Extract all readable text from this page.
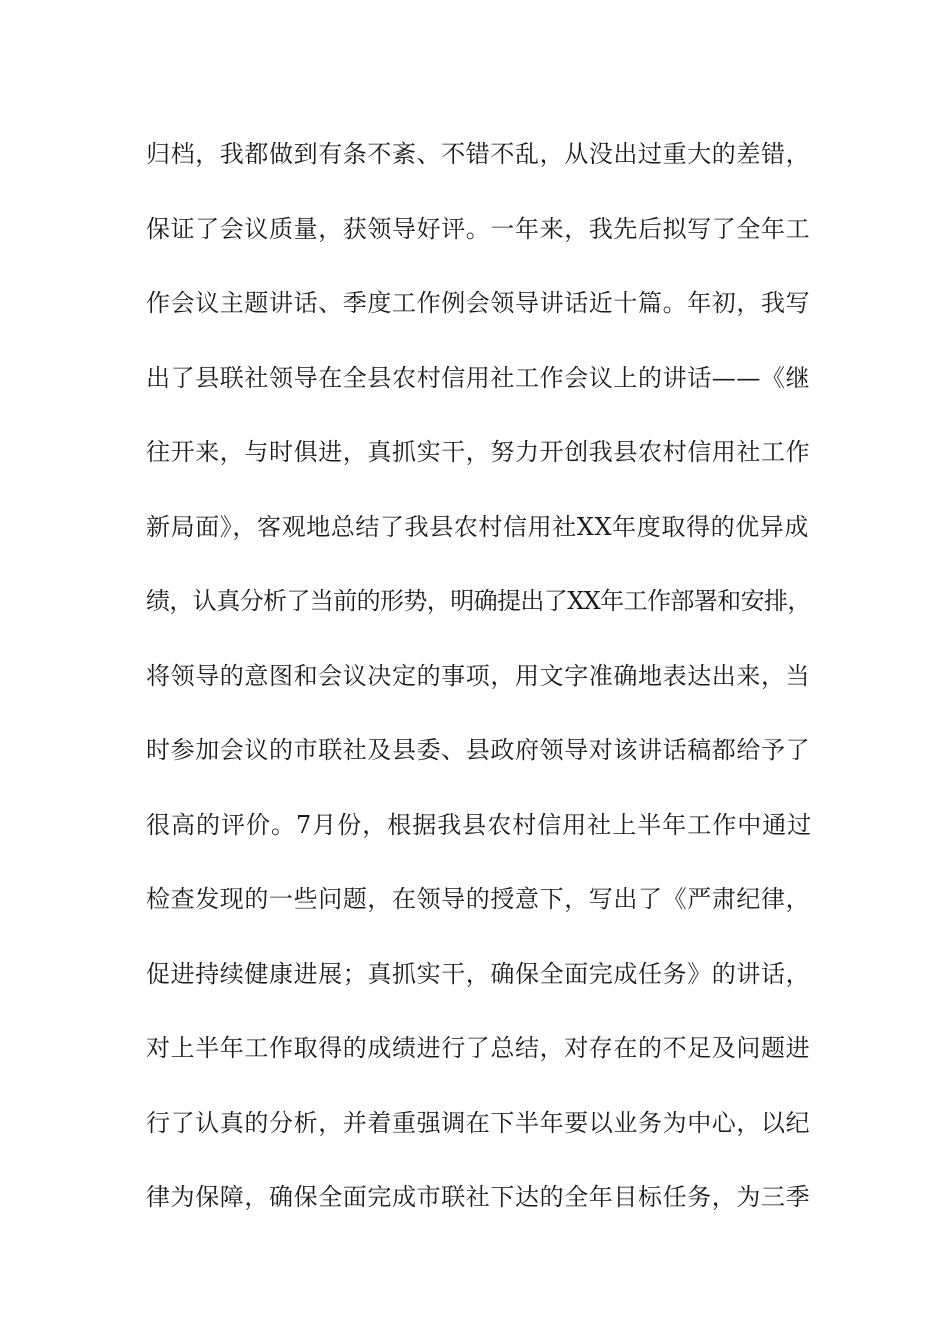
归档，我都做到有条不紊、不错不乱，从没出过重大的差错，
保证了会议质量，获领导好评。一年来，我先后拟写了全年工
作会议主题讲话、季度工作例会领导讲话近十篇。年初，我写
出了县联社领导在全县农村信用社工作会议上的讲话——《继
往开来，与时俱进，真抓实干，努力开创我县农村信用社工作
新局面》，客观地总结了我县农村信用社XX年度取得的优异成
绩，认真分析了当前的形势，明确提出了XX年工作部署和安排，
将领导的意图和会议决定的事项，用文字准确地表达出来，当
时参加会议的市联社及县委、县政府领导对该讲话稿都给予了
很高的评价。7月份，根据我县农村信用社上半年工作中通过
检查发现的一些问题，在领导的授意下，写出了《严肃纪律，
促进持续健康进展；真抓实干，确保全面完成任务》的讲话，
对上半年工作取得的成绩进行了总结，对存在的不足及问题进
行了认真的分析，并着重强调在下半年要以业务为中心，以纪
律为保障，确保全面完成市联社下达的全年目标任务，为三季
